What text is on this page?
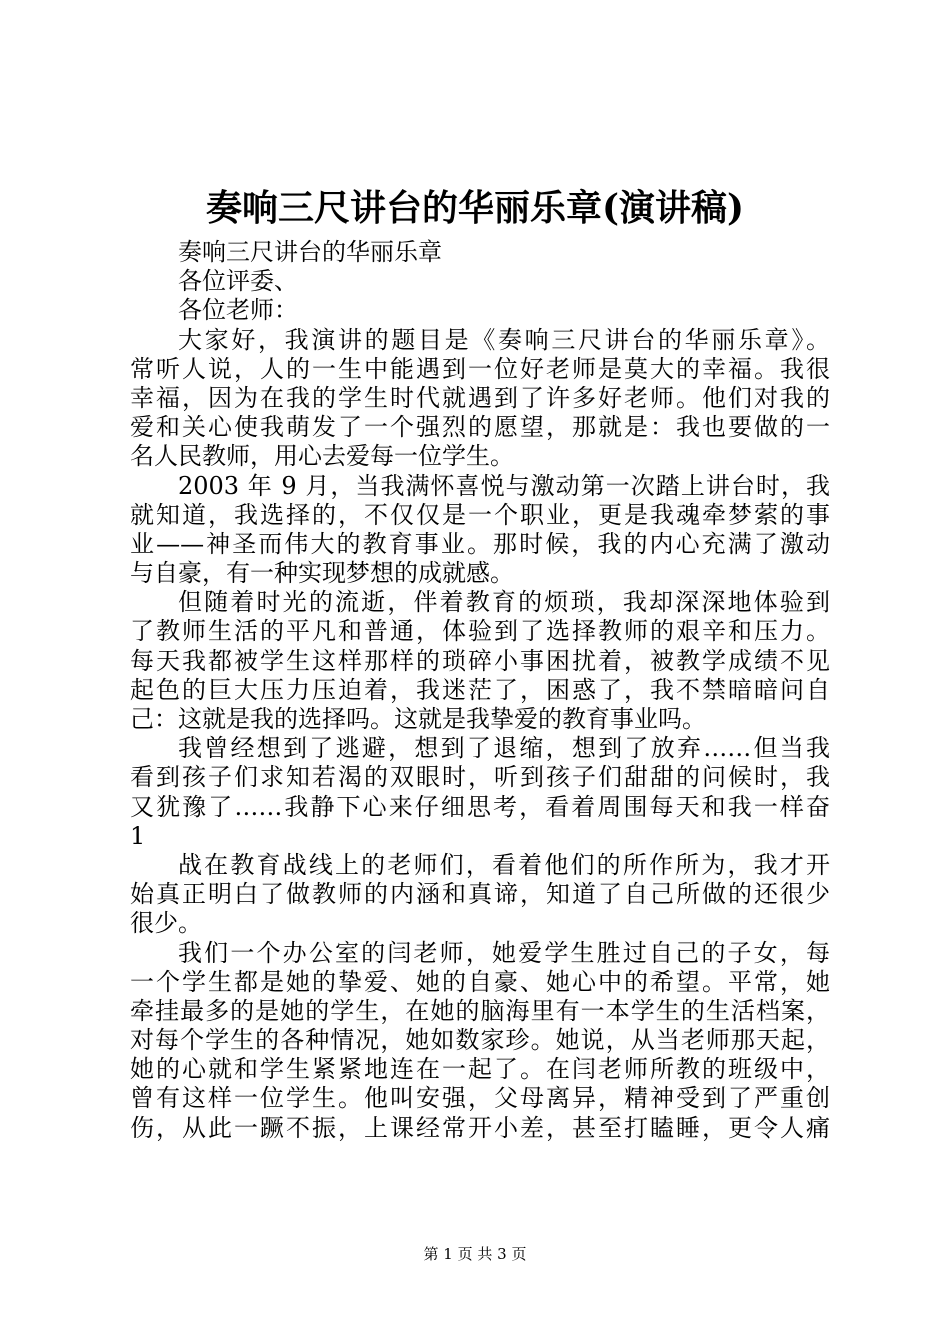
奏响三尺讲台的华丽乐章(演讲稿)
奏响三尺讲台的华丽乐章
各位评委、
各位老师：
大家好，我演讲的题目是《奏响三尺讲台的华丽乐章》。
常听人说，人的一生中能遇到一位好老师是莫大的幸福。我很
幸福，因为在我的学生时代就遇到了许多好老师。他们对我的
爱和关心使我萌发了一个强烈的愿望，那就是：我也要做的一
名人民教师，用心去爱每一位学生。
2003 年 9 月，当我满怀喜悦与激动第一次踏上讲台时，我
就知道，我选择的，不仅仅是一个职业，更是我魂牵梦萦的事
业——神圣而伟大的教育事业。那时候，我的内心充满了激动
与自豪，有一种实现梦想的成就感。
但随着时光的流逝，伴着教育的烦琐，我却深深地体验到
了教师生活的平凡和普通，体验到了选择教师的艰辛和压力。
每天我都被学生这样那样的琐碎小事困扰着，被教学成绩不见
起色的巨大压力压迫着，我迷茫了，困惑了，我不禁暗暗问自
己：这就是我的选择吗。这就是我挚爱的教育事业吗。
我曾经想到了逃避，想到了退缩，想到了放弃……但当我
看到孩子们求知若渴的双眼时，听到孩子们甜甜的问候时，我
又犹豫了……我静下心来仔细思考，看着周围每天和我一样奋
1
战在教育战线上的老师们，看着他们的所作所为，我才开
始真正明白了做教师的内涵和真谛，知道了自己所做的还很少
很少。
我们一个办公室的闫老师，她爱学生胜过自己的子女，每
一个学生都是她的挚爱、她的自豪、她心中的希望。平常，她
牵挂最多的是她的学生，在她的脑海里有一本学生的生活档案，
对每个学生的各种情况，她如数家珍。她说，从当老师那天起，
她的心就和学生紧紧地连在一起了。在闫老师所教的班级中，
曾有这样一位学生。他叫安强，父母离异，精神受到了严重创
伤，从此一蹶不振，上课经常开小差，甚至打瞌睡，更令人痛
第 1 页 共 3 页
